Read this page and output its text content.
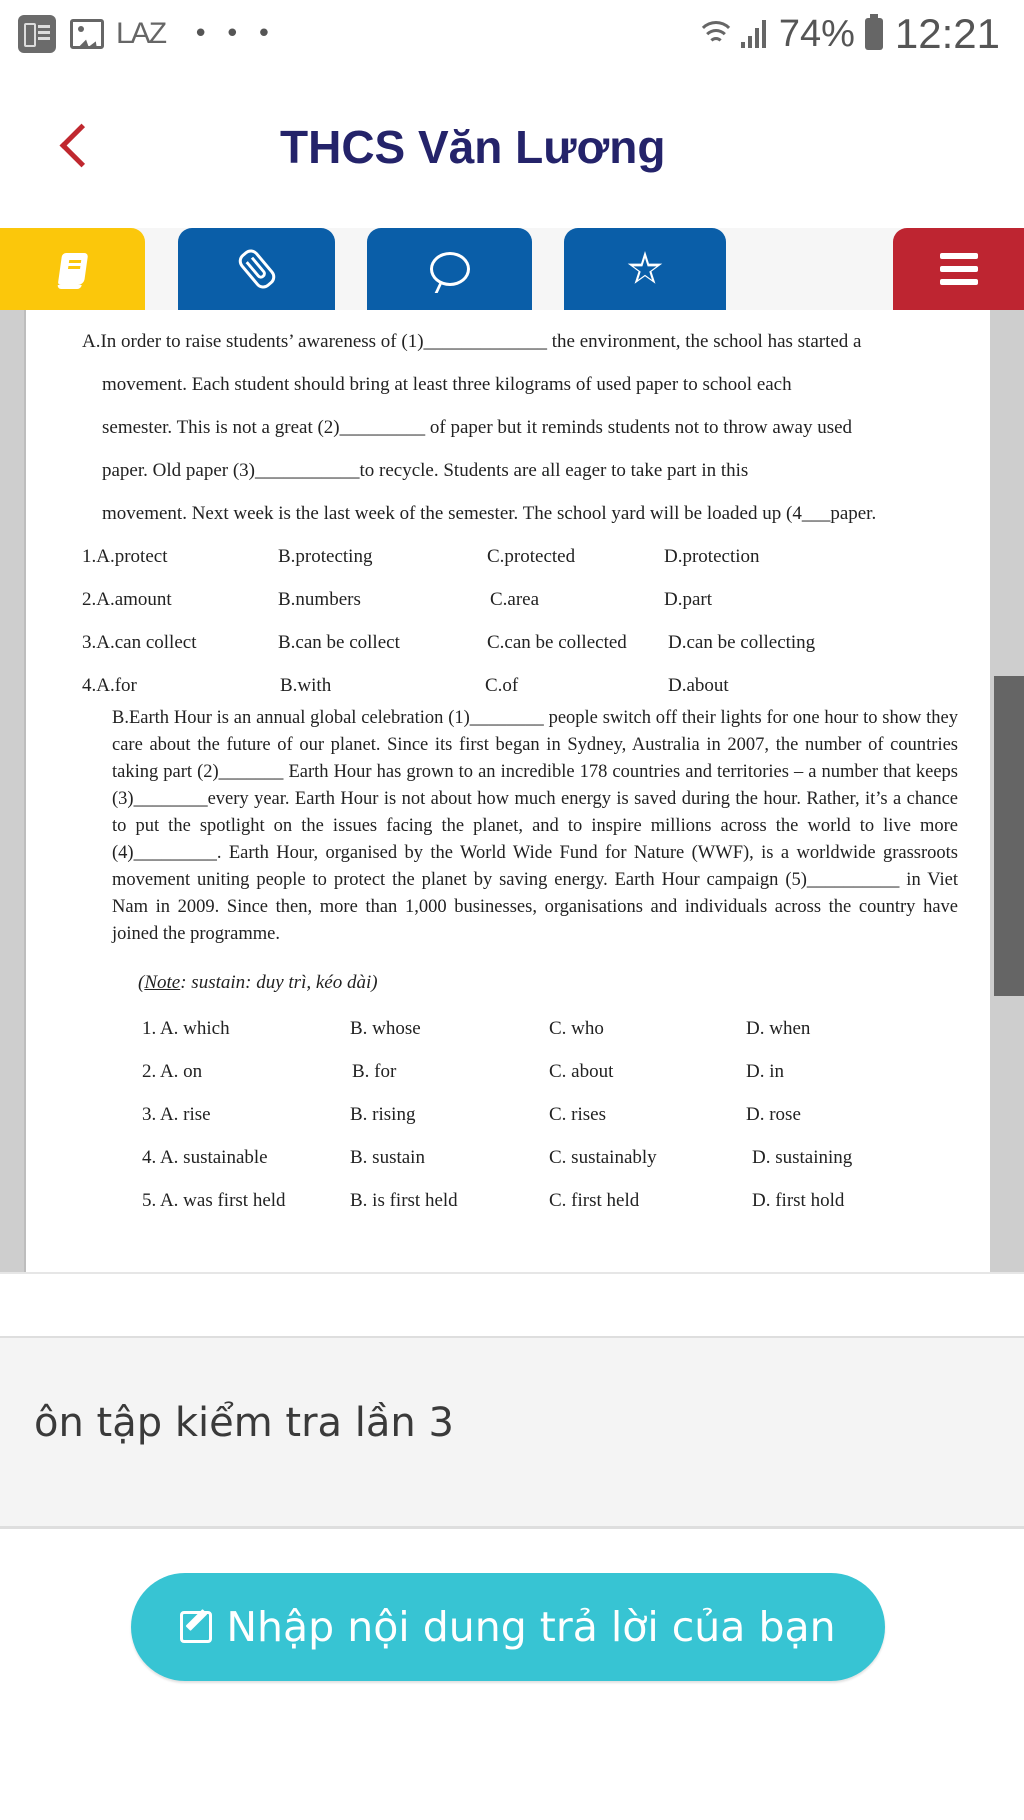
LAZ • • •	74% 12:21
THCS Văn Lương

A.In order to raise students’ awareness of (1)_____________ the environment, the school has started a

movement. Each student should bring at least three kilograms of used paper to school each

semester. This is not a great (2)_________ of paper but it reminds students not to throw away used

paper. Old paper (3)___________to recycle. Students are all eager to take part in this

movement. Next week is the last week of the semester. The school yard will be loaded up (4___paper.

1.A.protect	B.protecting	C.protected	D.protection
2.A.amount	B.numbers	C.area	D.part
3.A.can collect	B.can be collect	C.can be collected D.can be collecting
4.A.for	B.with	C.of	D.about

B.Earth Hour is an annual global celebration (1)________ people switch off their lights for one hour to show they care about the future of our planet. Since its first began in Sydney, Australia in 2007, the number of countries taking part (2)_______ Earth Hour has grown to an incredible 178 countries and territories – a number that keeps (3)________every year. Earth Hour is not about how much energy is saved during the hour. Rather, it’s a chance to put the spotlight on the issues facing the planet, and to inspire millions across the world to live more (4)_________. Earth Hour, organised by the World Wide Fund for Nature (WWF), is a worldwide grassroots movement uniting people to protect the planet by saving energy. Earth Hour campaign (5)__________ in Viet Nam in 2009. Since then, more than 1,000 businesses, organisations and individuals across the country have joined the programme.

(Note: sustain: duy trì, kéo dài)
1. A. which	B. whose	C. who	D. when
2. A. on	B. for	C. about	D. in
3. A. rise	B. rising	C. rises	D. rose
4. A. sustainable	B. sustain	C. sustainably	D. sustaining
5. A. was first held	B. is first held	C. first held	D. first hold
ôn tập kiểm tra lần 3
Nhập nội dung trả lời của bạn
